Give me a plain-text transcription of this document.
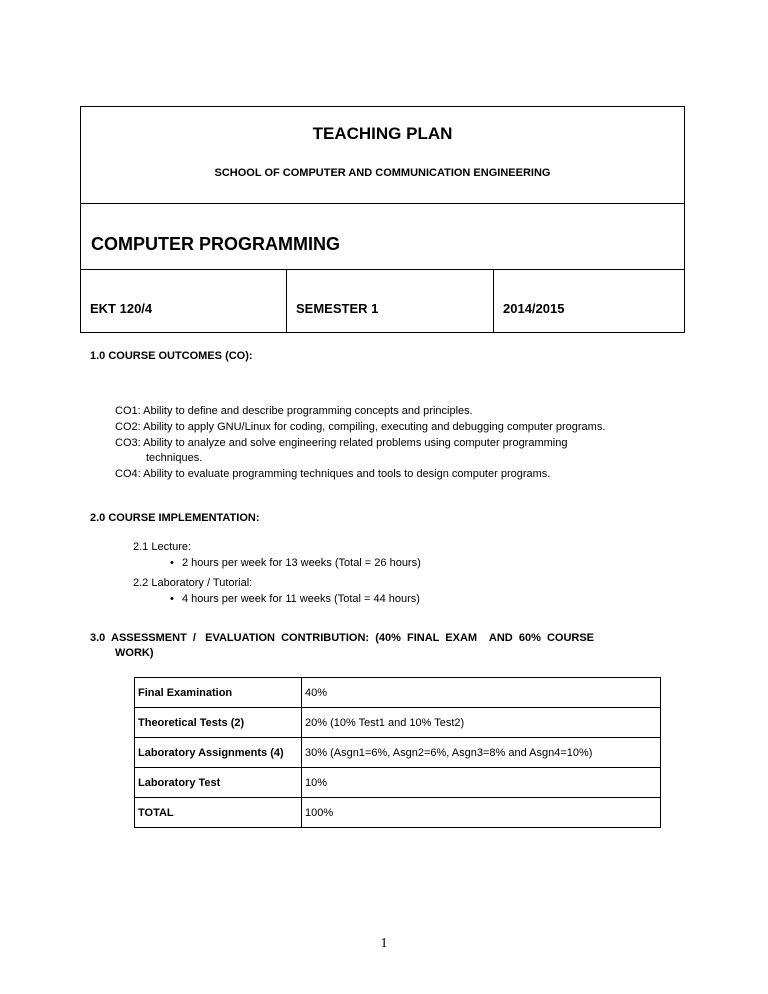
TEACHING PLAN
SCHOOL OF COMPUTER AND COMMUNICATION ENGINEERING
COMPUTER PROGRAMMING
EKT 120/4	SEMESTER 1	2014/2015
1.0 COURSE OUTCOMES (CO):
CO1: Ability to define and describe programming concepts and principles.
CO2: Ability to apply GNU/Linux for coding, compiling, executing and debugging computer programs.
CO3: Ability to analyze and solve engineering related problems using computer programming
techniques.
CO4: Ability to evaluate programming techniques and tools to design computer programs.
2.0 COURSE IMPLEMENTATION:
2.1 Lecture:
• 2 hours per week for 13 weeks (Total = 26 hours)
2.2 Laboratory / Tutorial:
• 4 hours per week for 11 weeks (Total = 44 hours)
3.0  ASSESSMENT  /   EVALUATION  CONTRIBUTION:  (40%  FINAL  EXAM    AND  60%  COURSE
WORK)
Final Examination	40%
Theoretical Tests (2)	20% (10% Test1 and 10% Test2)
Laboratory Assignments (4)	30% (Asgn1=6%, Asgn2=6%, Asgn3=8% and Asgn4=10%)
Laboratory Test	10%
TOTAL	100%
1
